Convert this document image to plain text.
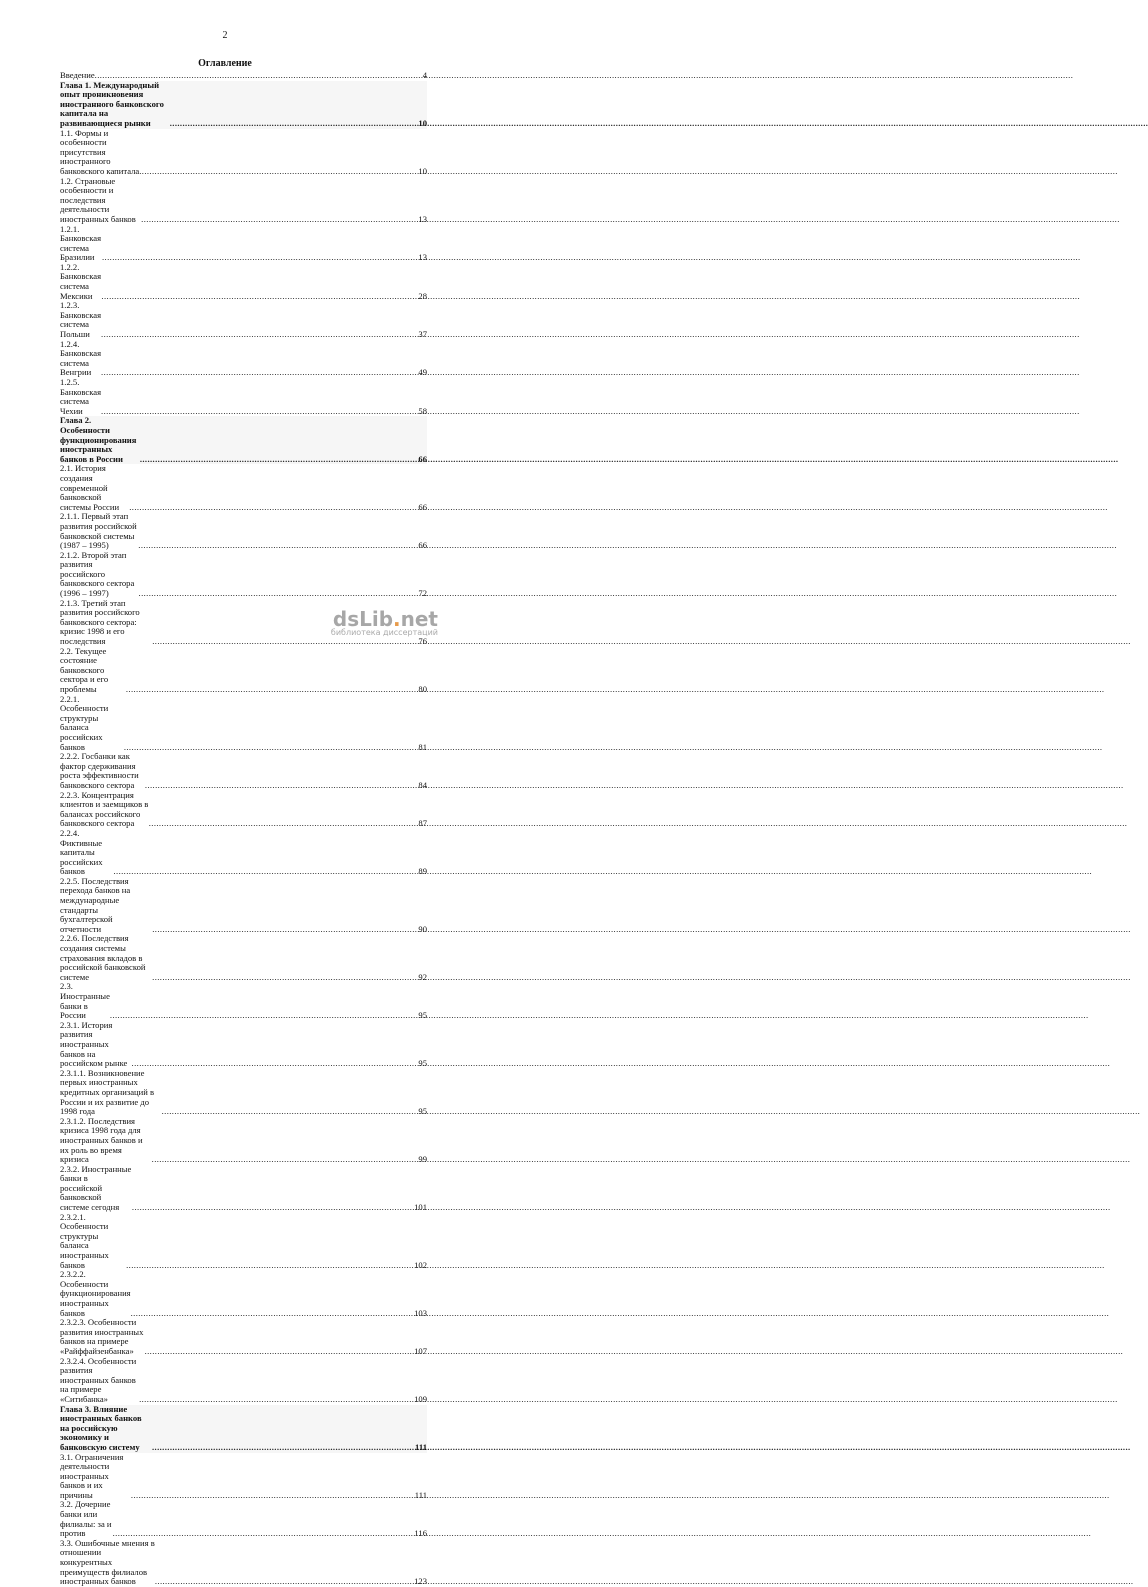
2
Оглавление
Введение .....	4
Глава 1. Международный опыт проникновения иностранного банковского капитала на развивающиеся рынки .....	10
1.1. Формы и особенности присутствия иностранного банковского капитала .....	10
1.2. Страновые особенности и последствия деятельности иностранных банков .....	13
1.2.1. Банковская система Бразилии .....	13
1.2.2. Банковская система Мексики .....	28
1.2.3. Банковская система Польши .....	37
1.2.4. Банковская система Венгрии .....	49
1.2.5. Банковская система Чехии .....	58
Глава 2. Особенности функционирования иностранных банков в России .....	66
2.1. История создания современной банковской системы России .....	66
2.1.1. Первый этап развития российской банковской системы (1987 – 1995) .....	66
2.1.2. Второй этап развития российского банковского сектора (1996 – 1997) .....	72
2.1.3. Третий этап развития российского банковского сектора: кризис 1998 и его последствия .....	76
2.2. Текущее состояние банковского сектора и его проблемы .....	80
2.2.1. Особенности структуры баланса российских банков .....	81
2.2.2. Госбанки как фактор сдерживания роста эффективности банковского сектора .....	84
2.2.3. Концентрация клиентов и заемщиков в балансах российского банковского сектора .....	87
2.2.4. Фиктивные капиталы российских банков .....	89
2.2.5. Последствия перехода банков на международные стандарты бухгалтерской отчетности .....	90
2.2.6. Последствия создания системы страхования вкладов в российской банковской системе .....	92
2.3. Иностранные банки в России .....	95
2.3.1. История развития иностранных банков на российском рынке .....	95
2.3.1.1. Возникновение первых иностранных кредитных организаций в России и их развитие до 1998 года .....	95
2.3.1.2. Последствия кризиса 1998 года для иностранных банков и их роль во время кризиса .....	99
2.3.2. Иностранные банки в российской банковской системе сегодня .....	101
2.3.2.1. Особенности структуры баланса иностранных банков .....	102
2.3.2.2. Особенности функционирования иностранных банков .....	103
2.3.2.3. Особенности развития иностранных банков на примере «Райффайзенбанка» .....	107
2.3.2.4. Особенности развития иностранных банков на примере «Ситибанка» .....	109
Глава 3. Влияние иностранных банков на российскую экономику и банковскую систему .....	111
3.1. Ограничения деятельности иностранных банков и их причины .....	111
3.2. Дочерние банки или филиалы: за и против .....	116
3.3. Ошибочные мнения в отношении конкурентных преимуществ филиалов иностранных банков .....	123
dsLib . net
библиотека диссертаций
